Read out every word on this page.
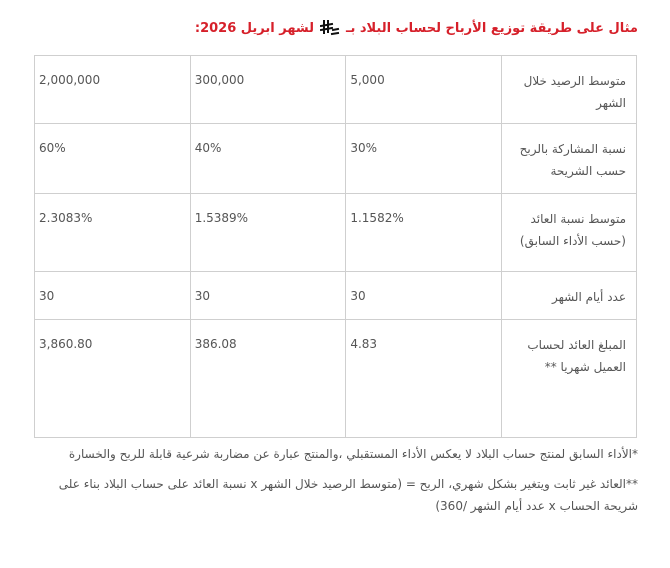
مثال على طريقة توزيع الأرباح لحساب البلاد بـ
لشهر ابريل 2026:
متوسط الرصيد خلال الشهر	5,000	300,000	2,000,000
نسبة المشاركة بالربح حسب الشريحة	30%	40%	60%
متوسط نسبة العائد (حسب الأداء السابق)	1.1582%	1.5389%	2.3083%
عدد أيام الشهر	30	30	30
المبلغ العائد لحساب العميل شهريا **	4.83	386.08	3,860.80

*الأداء السابق لمنتج حساب البلاد لا يعكس الأداء المستقبلي ،والمنتج عبارة عن مضاربة شرعية قابلة للربح والخسارة

**العائد غير ثابت ويتغير بشكل شهري، الربح = (متوسط الرصيد خلال الشهر x نسبة العائد على حساب البلاد بناء على شريحة الحساب x عدد أيام الشهر /360)
